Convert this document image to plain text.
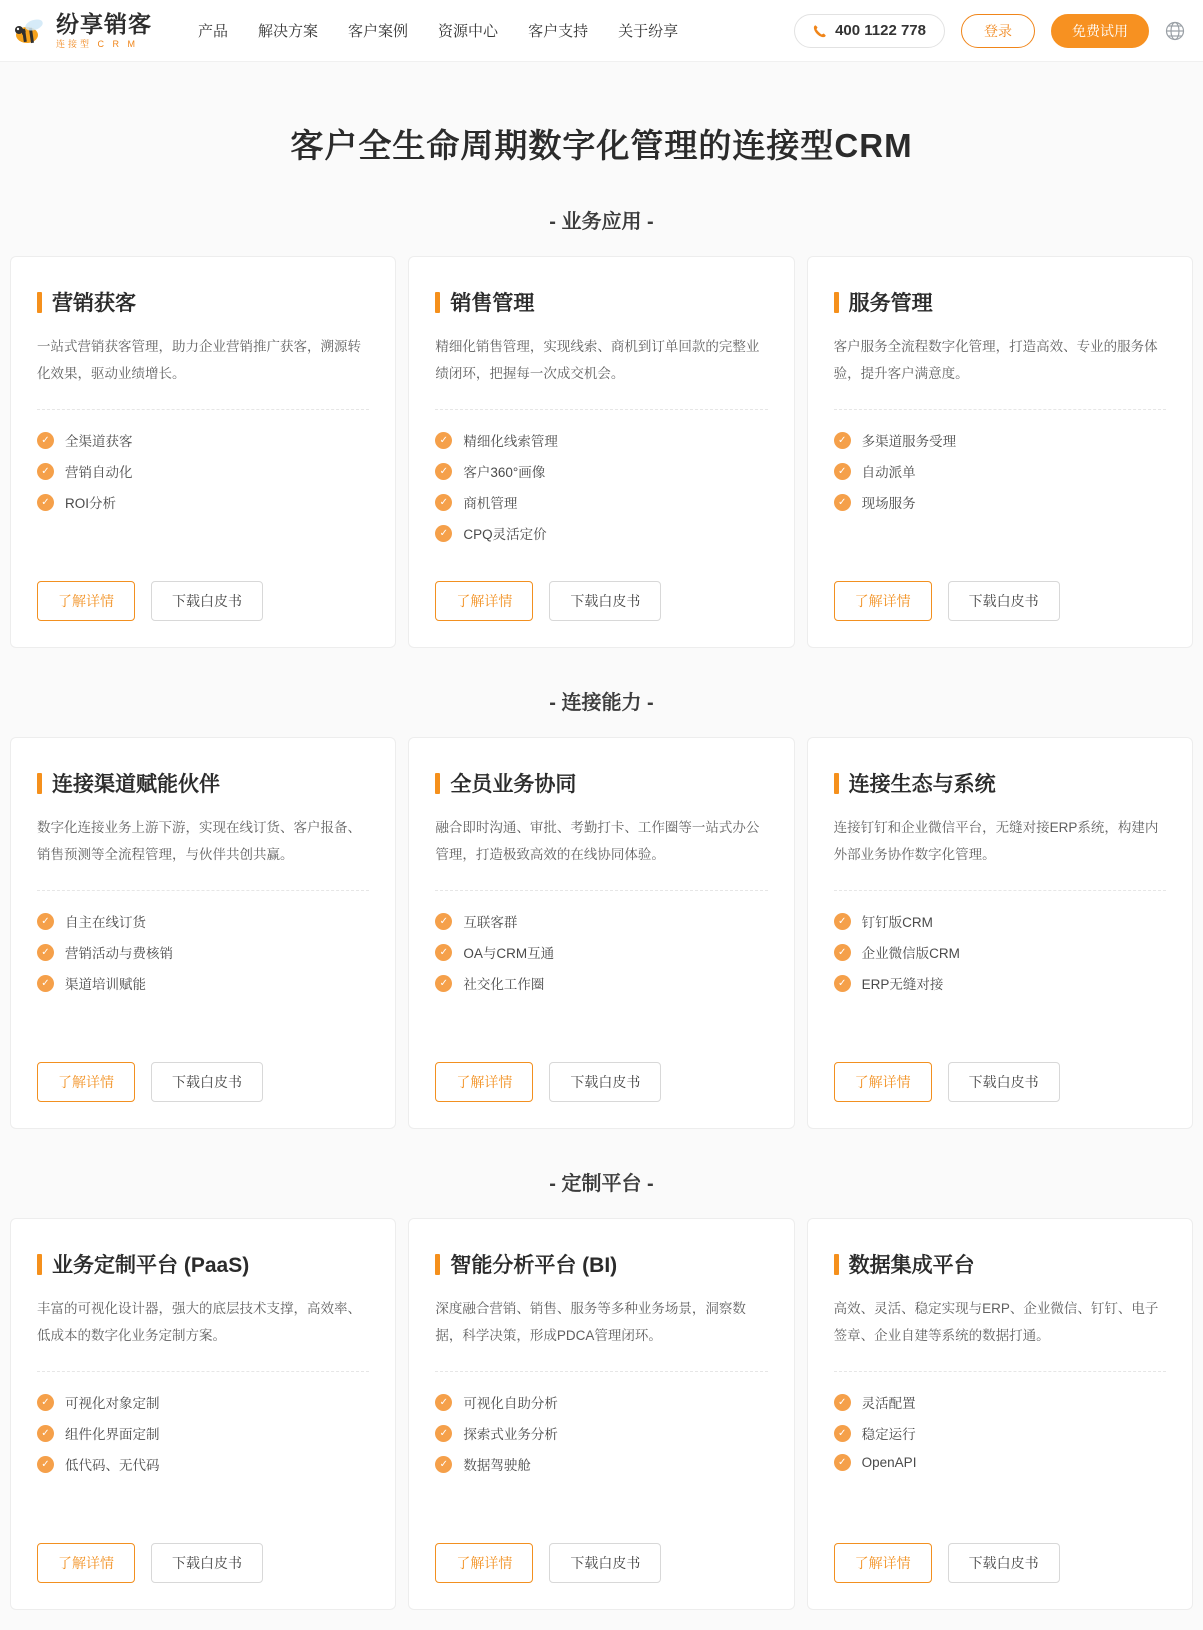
纷享销客
连接型 C R M
产品 解决方案 客户案例 资源中心 客户支持 关于纷享	400 1122 778	登录	免费试用
客户全生命周期数字化管理的连接型CRM
- 业务应用 -
营销获客

一站式营销获客管理，助力企业营销推广获客，溯源转化效果，驱动业绩增长。

✓	全渠道获客
✓	营销自动化
✓	ROI分析
了解详情	下载白皮书
销售管理

精细化销售管理，实现线索、商机到订单回款的完整业绩闭环，把握每一次成交机会。

✓	精细化线索管理
✓	客户360°画像
✓	商机管理
✓	CPQ灵活定价
了解详情	下载白皮书
服务管理

客户服务全流程数字化管理，打造高效、专业的服务体验，提升客户满意度。

✓	多渠道服务受理
✓	自动派单
✓	现场服务
了解详情	下载白皮书
- 连接能力 -
连接渠道赋能伙伴

数字化连接业务上游下游，实现在线订货、客户报备、销售预测等全流程管理，与伙伴共创共赢。

✓	自主在线订货
✓	营销活动与费核销
✓	渠道培训赋能
了解详情	下载白皮书
全员业务协同

融合即时沟通、审批、考勤打卡、工作圈等一站式办公管理，打造极致高效的在线协同体验。

✓	互联客群
✓	OA与CRM互通
✓	社交化工作圈
了解详情	下载白皮书
连接生态与系统

连接钉钉和企业微信平台，无缝对接ERP系统，构建内外部业务协作数字化管理。

✓	钉钉版CRM
✓	企业微信版CRM
✓	ERP无缝对接
了解详情	下载白皮书
- 定制平台 -
业务定制平台 (PaaS)

丰富的可视化设计器，强大的底层技术支撑，高效率、低成本的数字化业务定制方案。

✓	可视化对象定制
✓	组件化界面定制
✓	低代码、无代码
了解详情	下载白皮书
智能分析平台 (BI)

深度融合营销、销售、服务等多种业务场景，洞察数据，科学决策，形成PDCA管理闭环。

✓	可视化自助分析
✓	探索式业务分析
✓	数据驾驶舱
了解详情	下载白皮书
数据集成平台

高效、灵活、稳定实现与ERP、企业微信、钉钉、电子签章、企业自建等系统的数据打通。

✓	灵活配置
✓	稳定运行
✓	OpenAPI
了解详情	下载白皮书
